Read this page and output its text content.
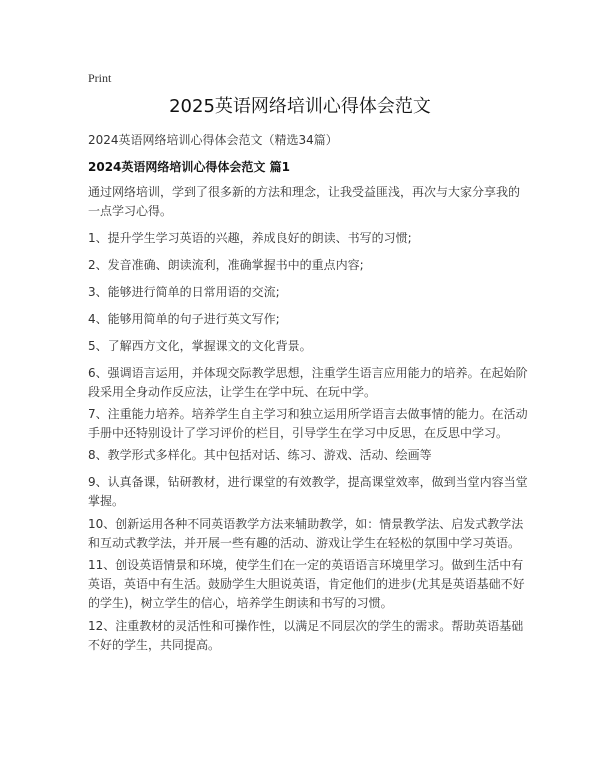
Print
2025英语网络培训心得体会范文
2024英语网络培训心得体会范文（精选34篇）
2024英语网络培训心得体会范文 篇1
通过网络培训，学到了很多新的方法和理念，让我受益匪浅，再次与大家分享我的一点学习心得。
1、提升学生学习英语的兴趣，养成良好的朗读、书写的习惯;
2、发音准确、朗读流利，准确掌握书中的重点内容;
3、能够进行简单的日常用语的交流;
4、能够用简单的句子进行英文写作;
5、了解西方文化，掌握课文的文化背景。
6、强调语言运用，并体现交际教学思想，注重学生语言应用能力的培养。在起始阶段采用全身动作反应法，让学生在学中玩、在玩中学。
7、注重能力培养。培养学生自主学习和独立运用所学语言去做事情的能力。在活动手册中还特别设计了学习评价的栏目，引导学生在学习中反思，在反思中学习。
8、教学形式多样化。其中包括对话、练习、游戏、活动、绘画等
9、认真备课，钻研教材，进行课堂的有效教学，提高课堂效率，做到当堂内容当堂掌握。
10、创新运用各种不同英语教学方法来辅助教学，如：情景教学法、启发式教学法和互动式教学法，并开展一些有趣的活动、游戏让学生在轻松的氛围中学习英语。
11、创设英语情景和环境，使学生们在一定的英语语言环境里学习。做到生活中有英语，英语中有生活。鼓励学生大胆说英语，肯定他们的进步(尤其是英语基础不好的学生)，树立学生的信心，培养学生朗读和书写的习惯。
12、注重教材的灵活性和可操作性，以满足不同层次的学生的需求。帮助英语基础不好的学生，共同提高。
